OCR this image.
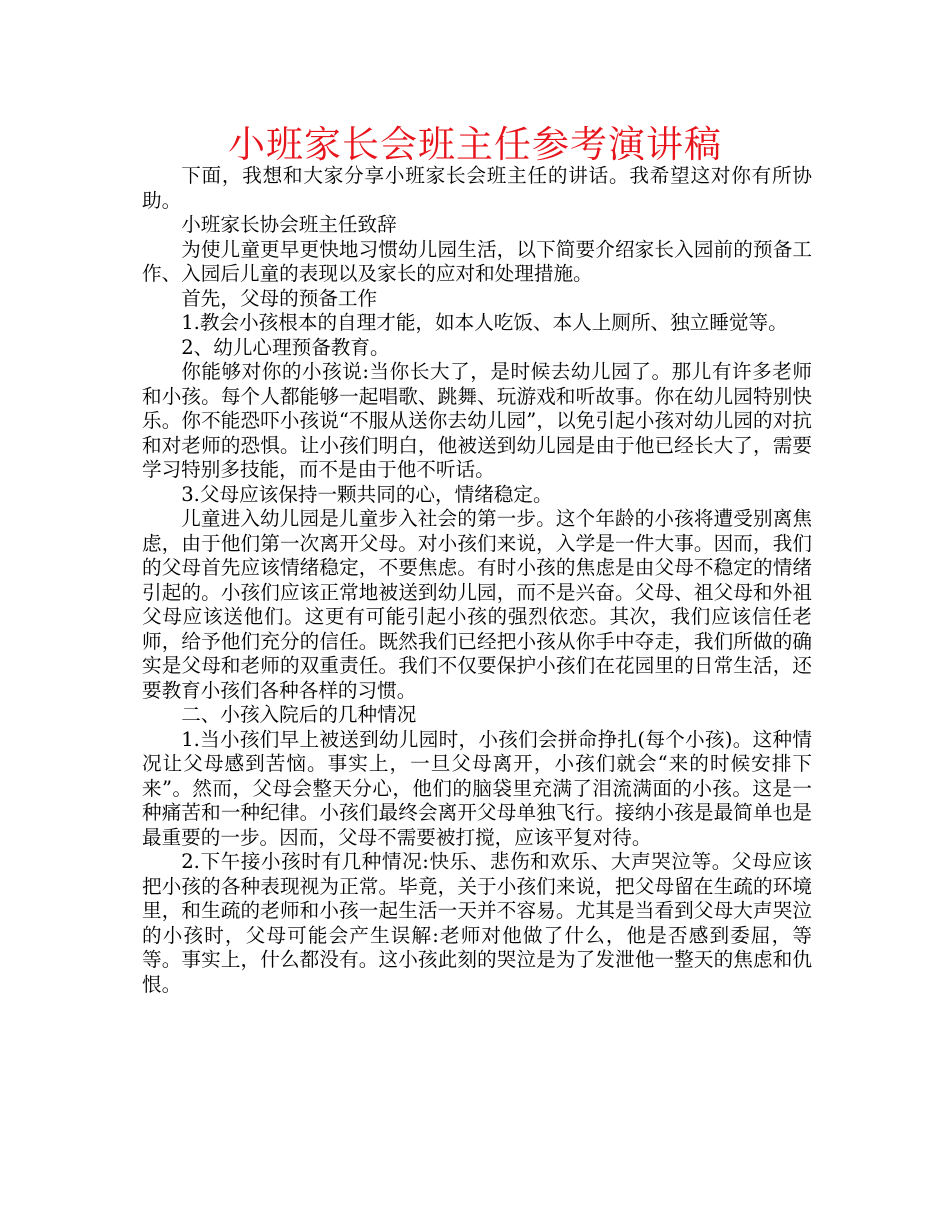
小班家长会班主任参考演讲稿

下面，我想和大家分享小班家长会班主任的讲话。我希望这对你有所协助。

小班家长协会班主任致辞

为使儿童更早更快地习惯幼儿园生活，以下简要介绍家长入园前的预备工作、入园后儿童的表现以及家长的应对和处理措施。

首先，父母的预备工作

1.教会小孩根本的自理才能，如本人吃饭、本人上厕所、独立睡觉等。

2、幼儿心理预备教育。

你能够对你的小孩说:当你长大了，是时候去幼儿园了。那儿有许多老师和小孩。每个人都能够一起唱歌、跳舞、玩游戏和听故事。你在幼儿园特别快乐。你不能恐吓小孩说“不服从送你去幼儿园”，以免引起小孩对幼儿园的对抗和对老师的恐惧。让小孩们明白，他被送到幼儿园是由于他已经长大了，需要学习特别多技能，而不是由于他不听话。

3.父母应该保持一颗共同的心，情绪稳定。

儿童进入幼儿园是儿童步入社会的第一步。这个年龄的小孩将遭受别离焦虑，由于他们第一次离开父母。对小孩们来说，入学是一件大事。因而，我们的父母首先应该情绪稳定，不要焦虑。有时小孩的焦虑是由父母不稳定的情绪引起的。小孩们应该正常地被送到幼儿园，而不是兴奋。父母、祖父母和外祖父母应该送他们。这更有可能引起小孩的强烈依恋。其次，我们应该信任老师，给予他们充分的信任。既然我们已经把小孩从你手中夺走，我们所做的确实是父母和老师的双重责任。我们不仅要保护小孩们在花园里的日常生活，还要教育小孩们各种各样的习惯。

二、小孩入院后的几种情况

1.当小孩们早上被送到幼儿园时，小孩们会拼命挣扎(每个小孩)。这种情况让父母感到苦恼。事实上，一旦父母离开，小孩们就会“来的时候安排下来”。然而，父母会整天分心，他们的脑袋里充满了泪流满面的小孩。这是一种痛苦和一种纪律。小孩们最终会离开父母单独飞行。接纳小孩是最简单也是最重要的一步。因而，父母不需要被打搅，应该平复对待。

2.下午接小孩时有几种情况:快乐、悲伤和欢乐、大声哭泣等。父母应该把小孩的各种表现视为正常。毕竟，关于小孩们来说，把父母留在生疏的环境里，和生疏的老师和小孩一起生活一天并不容易。尤其是当看到父母大声哭泣的小孩时，父母可能会产生误解:老师对他做了什么，他是否感到委屈，等等。事实上，什么都没有。这小孩此刻的哭泣是为了发泄他一整天的焦虑和仇恨。
